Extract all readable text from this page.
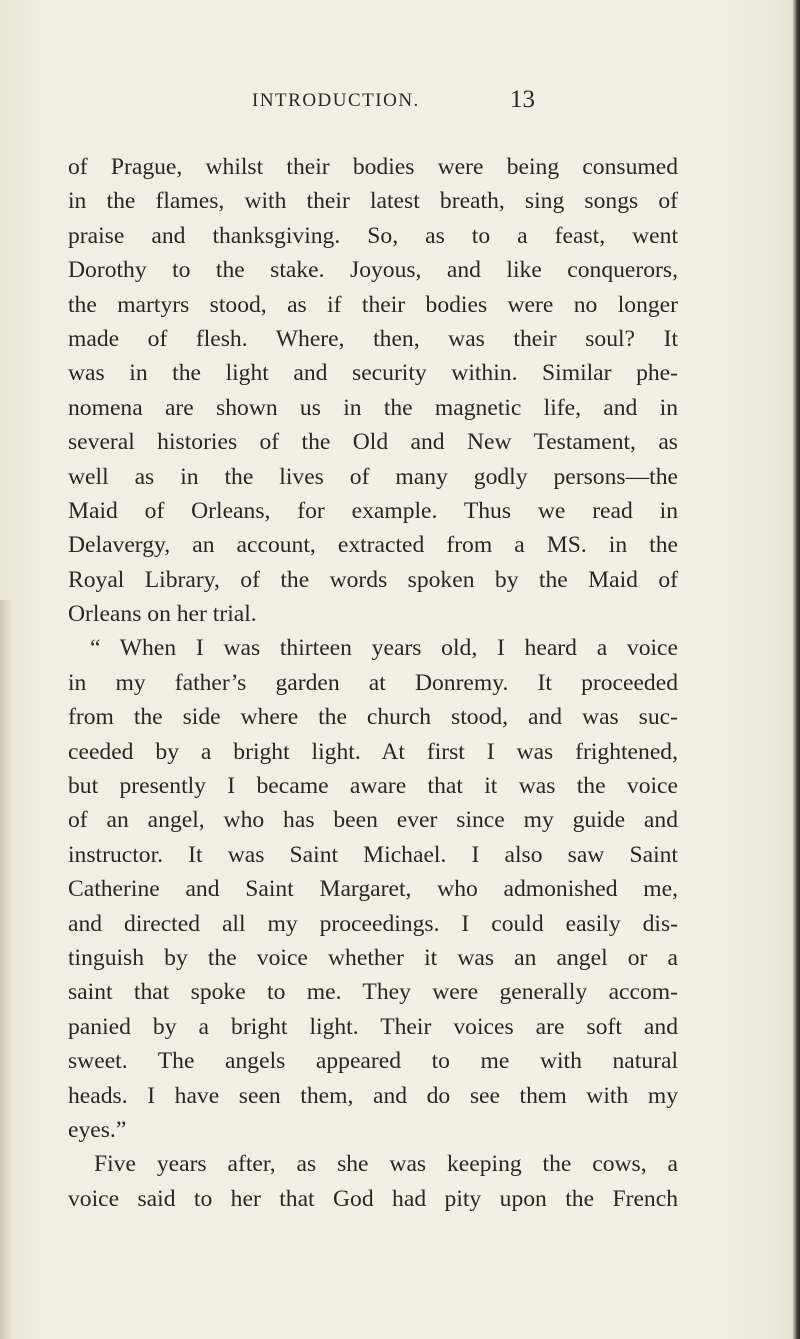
INTRODUCTION.	13
of Prague, whilst their bodies were being consumed
in the flames, with their latest breath, sing songs of
praise and thanksgiving. So, as to a feast, went
Dorothy to the stake. Joyous, and like conquerors,
the martyrs stood, as if their bodies were no longer
made of flesh. Where, then, was their soul? It
was in the light and security within. Similar phe-
nomena are shown us in the magnetic life, and in
several histories of the Old and New Testament, as
well as in the lives of many godly persons—the
Maid of Orleans, for example. Thus we read in
Delavergy, an account, extracted from a MS. in the
Royal Library, of the words spoken by the Maid of
Orleans on her trial.
“ When I was thirteen years old, I heard a voice
in my father’s garden at Donremy. It proceeded
from the side where the church stood, and was suc-
ceeded by a bright light. At first I was frightened,
but presently I became aware that it was the voice
of an angel, who has been ever since my guide and
instructor. It was Saint Michael. I also saw Saint
Catherine and Saint Margaret, who admonished me,
and directed all my proceedings. I could easily dis-
tinguish by the voice whether it was an angel or a
saint that spoke to me. They were generally accom-
panied by a bright light. Their voices are soft and
sweet. The angels appeared to me with natural
heads. I have seen them, and do see them with my
eyes.”
Five years after, as she was keeping the cows, a
voice said to her that God had pity upon the French
